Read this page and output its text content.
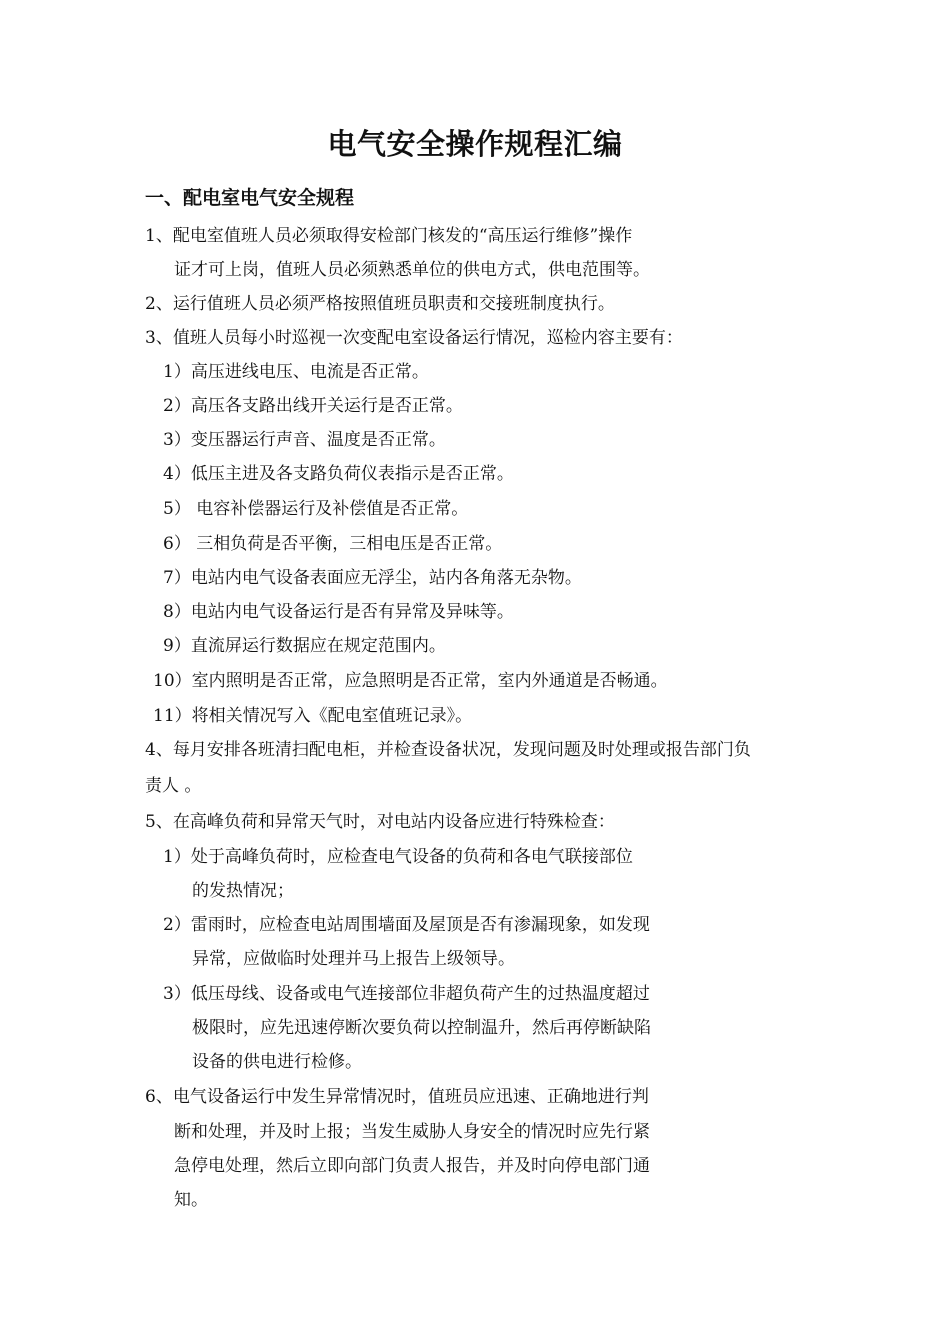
电气安全操作规程汇编
一、配电室电气安全规程
1、配电室值班人员必须取得安检部门核发的“高压运行维修”操作
证才可上岗，值班人员必须熟悉单位的供电方式，供电范围等。
2、运行值班人员必须严格按照值班员职责和交接班制度执行。
3、值班人员每小时巡视一次变配电室设备运行情况，巡检内容主要有：
1）高压进线电压、电流是否正常。
2）高压各支路出线开关运行是否正常。
3）变压器运行声音、温度是否正常。
4）低压主进及各支路负荷仪表指示是否正常。
5） 电容补偿器运行及补偿值是否正常。
6） 三相负荷是否平衡，三相电压是否正常。
7）电站内电气设备表面应无浮尘，站内各角落无杂物。
8）电站内电气设备运行是否有异常及异味等。
9）直流屏运行数据应在规定范围内。
10）室内照明是否正常，应急照明是否正常，室内外通道是否畅通。
11）将相关情况写入《配电室值班记录》。
4、每月安排各班清扫配电柜，并检查设备状况，发现问题及时处理或报告部门负
责人 。
5、在高峰负荷和异常天气时，对电站内设备应进行特殊检查：
1）处于高峰负荷时，应检查电气设备的负荷和各电气联接部位
的发热情况；
2）雷雨时，应检查电站周围墙面及屋顶是否有渗漏现象，如发现
异常，应做临时处理并马上报告上级领导。
3）低压母线、设备或电气连接部位非超负荷产生的过热温度超过
极限时，应先迅速停断次要负荷以控制温升，然后再停断缺陷
设备的供电进行检修。
6、电气设备运行中发生异常情况时，值班员应迅速、正确地进行判
断和处理，并及时上报；当发生威胁人身安全的情况时应先行紧
急停电处理，然后立即向部门负责人报告，并及时向停电部门通
知。
